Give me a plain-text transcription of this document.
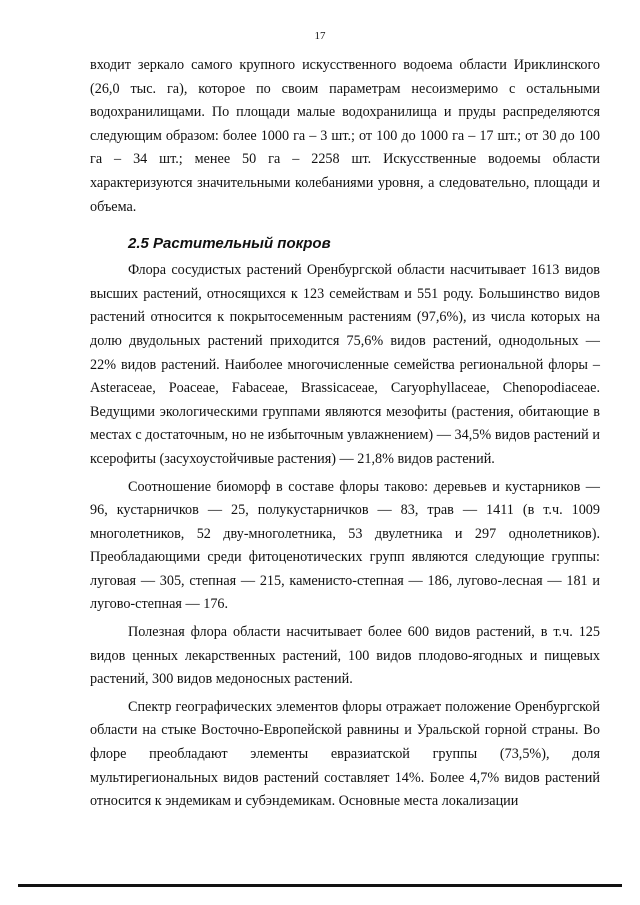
17

входит зеркало самого крупного искусственного водоема области Ириклинского (26,0 тыс. га), которое по своим параметрам несоизмеримо с остальными водохранилищами. По площади малые водохранилища и пруды распределяются следующим образом: более 1000 га – 3 шт.; от 100 до 1000 га – 17 шт.; от 30 до 100 га – 34 шт.; менее 50 га – 2258 шт. Искусственные водоемы области характеризуются значительными колебаниями уровня, а следовательно, площади и объема.

2.5 Растительный покров

Флора сосудистых растений Оренбургской области насчитывает 1613 видов высших растений, относящихся к 123 семействам и 551 роду. Большинство видов растений относится к покрытосеменным растениям (97,6%), из числа которых на долю двудольных растений приходится 75,6% видов растений, однодольных — 22% видов растений. Наиболее многочисленные семейства региональной флоры – Asteraceae, Poaceae, Fabaceae, Brassicaceae, Caryophyllaceae, Chenopodiaceae. Ведущими экологическими группами являются мезофиты (растения, обитающие в местах с достаточным, но не избыточным увлажнением) — 34,5% видов растений и ксерофиты (засухоустойчивые растения) — 21,8% видов растений.

Соотношение биоморф в составе флоры таково: деревьев и кустарников — 96, кустарничков — 25, полукустарничков — 83, трав — 1411 (в т.ч. 1009 многолетников, 52 дву-многолетника, 53 двулетника и 297 однолетников). Преобладающими среди фитоценотических групп являются следующие группы: луговая — 305, степная — 215, каменисто-степная — 186, лугово-лесная — 181 и лугово-степная — 176.

Полезная флора области насчитывает более 600 видов растений, в т.ч. 125 видов ценных лекарственных растений, 100 видов плодово-ягодных и пищевых растений, 300 видов медоносных растений.

Спектр географических элементов флоры отражает положение Оренбургской области на стыке Восточно-Европейской равнины и Уральской горной страны. Во флоре преобладают элементы евразиатской группы (73,5%), доля мультирегиональных видов растений составляет 14%. Более 4,7% видов растений относится к эндемикам и субэндемикам. Основные места локализации
